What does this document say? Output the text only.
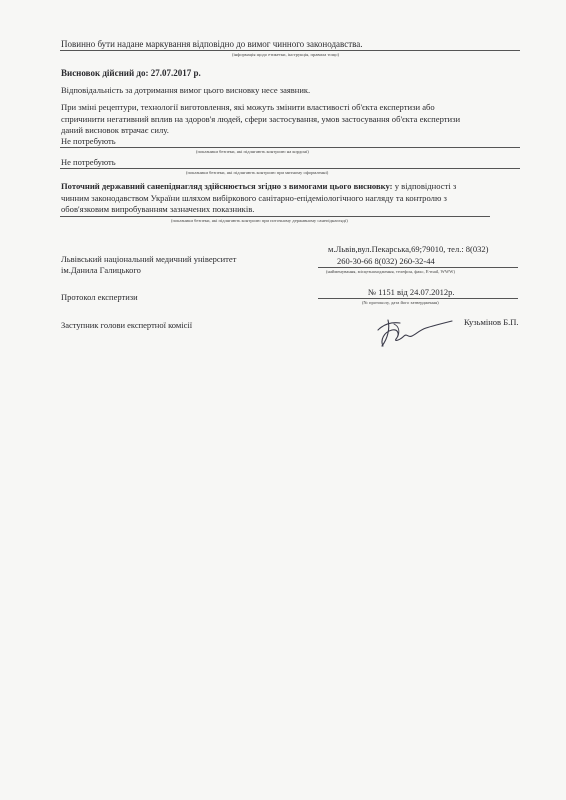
Повинно бути надане маркування відповідно до вимог чинного законодавства.
(інформація щодо етикетки, інструкцiя, правила тощо)
Висновок дійсний до: 27.07.2017 р.
Відповідальність за дотримання вимог цього висновку несе заявник.
При зміні рецептури, технології виготовлення, які можуть змінити властивості об'єкта експертизи або
спричинити негативний вплив на здоров'я людей, сфери застосування, умов застосування об'єкта експертизи
даний висновок втрачає силу.
Не потребують
(показники безпеки, які підлягають контролю на кордоні)
Не потребують
(показники безпеки, які підлягають контролю при митному оформленні)
Поточний державний санепіднагляд здійснюється згідно з вимогами цього висновку: у відповідності з
чинним законодавством України шляхом вибіркового санітарно-епідеміологічного нагляду та контролю з
обов'язковим випробуванням зазначених показників.
(показники безпеки, які підлягають контролю при поточному державному санепіднагляді)
Львівський національний медичний університет
ім.Данила Галицького
м.Львів,вул.Пекарська,69;79010, тел.: 8(032)
260-30-66 8(032) 260-32-44
(найменування, місцезнаходження, телефон, факс, E-mail, WWW)
Протокол експертизи	№ 1151 від 24.07.2012р.
(№ протоколу, дата його затвердження)
Заступник голови експертної комісії	Кузьмінов Б.П.
